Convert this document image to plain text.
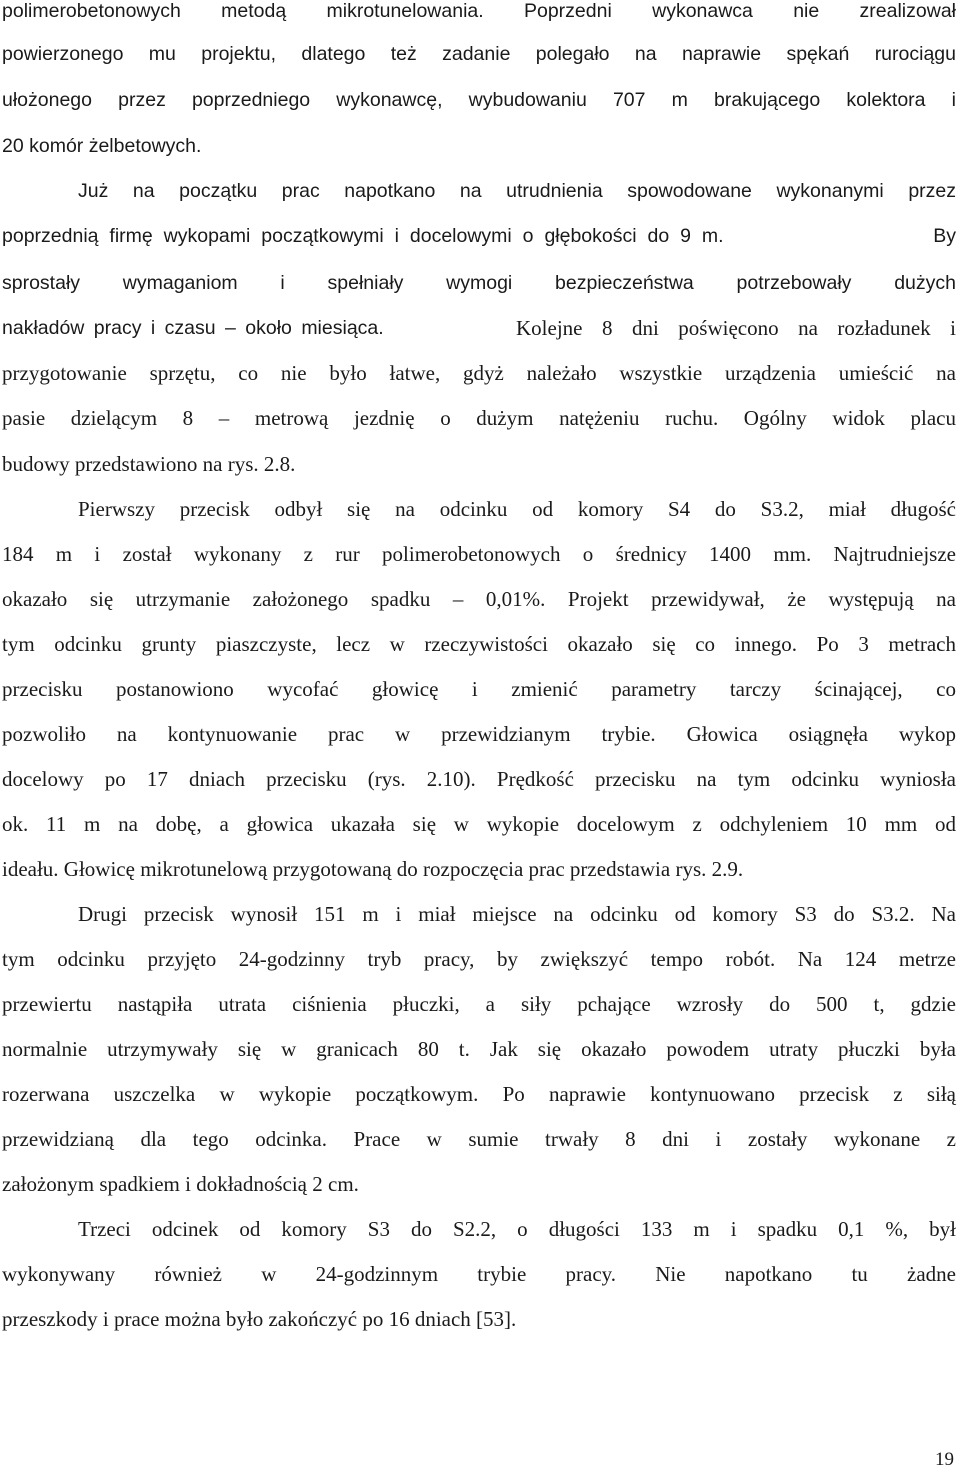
polimerobetonowych metodą mikrotunelowania. Poprzedni wykonawca nie zrealizował
powierzonego mu projektu, dlatego też zadanie polegało na naprawie spękań rurociągu
ułożonego przez poprzedniego wykonawcę, wybudowaniu 707 m brakującego kolektora i
20 komór żelbetowych.
Już na początku prac napotkano na utrudnienia spowodowane wykonanymi przez
poprzednią firmę wykopami początkowymi i docelowymi o głębokości do 9 m.	By
sprostały wymaganiom i spełniały wymogi bezpieczeństwa potrzebowały dużych
nakładów pracy i czasu – około miesiąca.	Kolejne 8 dni poświęcono na rozładunek i
przygotowanie sprzętu, co nie było łatwe, gdyż należało wszystkie urządzenia umieścić na
pasie dzielącym 8 – metrową jezdnię o dużym natężeniu ruchu. Ogólny widok placu
budowy przedstawiono na rys. 2.8.
Pierwszy przecisk odbył się na odcinku od komory S4 do S3.2, miał długość
184 m i został wykonany z rur polimerobetonowych o średnicy 1400 mm. Najtrudniejsze
okazało się utrzymanie założonego spadku – 0,01%. Projekt przewidywał, że występują na
tym odcinku grunty piaszczyste, lecz w rzeczywistości okazało się co innego. Po 3 metrach
przecisku postanowiono wycofać głowicę i zmienić parametry tarczy ścinającej, co
pozwoliło na kontynuowanie prac w przewidzianym trybie. Głowica osiągnęła wykop
docelowy po 17 dniach przecisku (rys. 2.10). Prędkość przecisku na tym odcinku wyniosła
ok. 11 m na dobę, a głowica ukazała się w wykopie docelowym z odchyleniem 10 mm od
ideału. Głowicę mikrotunelową przygotowaną do rozpoczęcia prac przedstawia rys. 2.9.
Drugi przecisk wynosił 151 m i miał miejsce na odcinku od komory S3 do S3.2. Na
tym odcinku przyjęto 24-godzinny tryb pracy, by zwiększyć tempo robót. Na 124 metrze
przewiertu nastąpiła utrata ciśnienia płuczki, a siły pchające wzrosły do 500 t, gdzie
normalnie utrzymywały się w granicach 80 t. Jak się okazało powodem utraty płuczki była
rozerwana uszczelka w wykopie początkowym. Po naprawie kontynuowano przecisk z siłą
przewidzianą dla tego odcinka. Prace w sumie trwały 8 dni i zostały wykonane z
założonym spadkiem i dokładnością 2 cm.
Trzeci odcinek od komory S3 do S2.2, o długości 133 m i spadku 0,1 %, był
wykonywany również w 24-godzinnym trybie pracy. Nie napotkano tu żadne
przeszkody i prace można było zakończyć po 16 dniach [53].
19
